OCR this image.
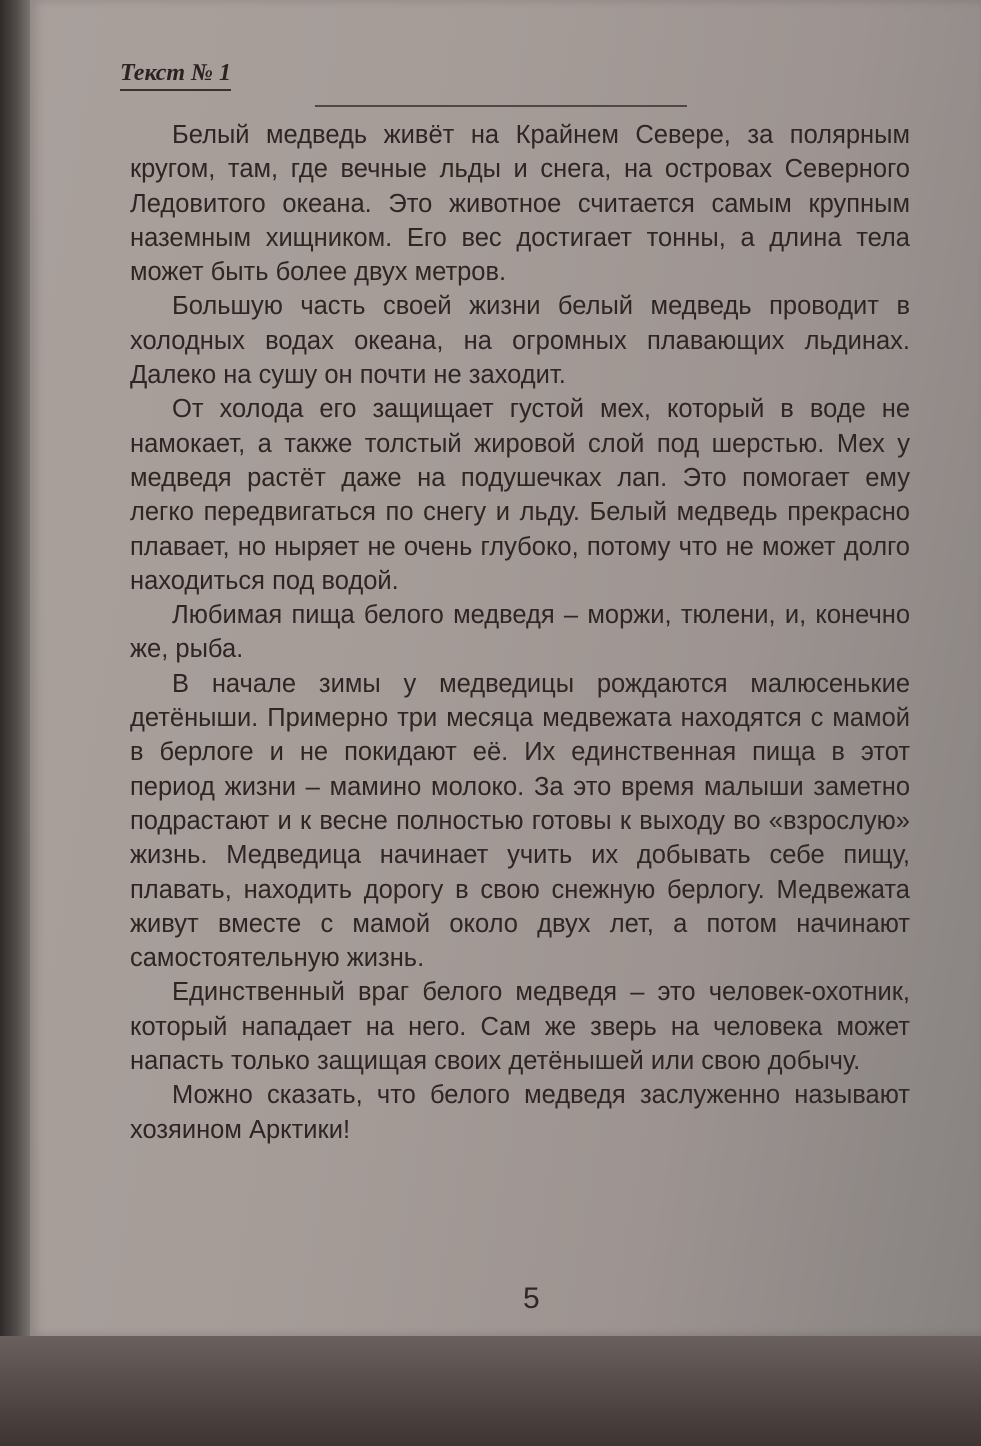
Текст № 1

Белый медведь живёт на Крайнем Севере, за полярным кругом, там, где вечные льды и снега, на островах Северного Ледовитого океана. Это животное считается самым крупным наземным хищником. Его вес достигает тонны, а длина тела может быть более двух метров.

Большую часть своей жизни белый медведь проводит в холодных водах океана, на огромных плавающих льдинах. Далеко на сушу он почти не заходит.

От холода его защищает густой мех, который в воде не намокает, а также толстый жировой слой под шерстью. Мех у медведя растёт даже на подушечках лап. Это помогает ему легко передвигаться по снегу и льду. Белый медведь прекрасно плавает, но ныряет не очень глубоко, потому что не может долго находиться под водой.

Любимая пища белого медведя – моржи, тюлени, и, конечно же, рыба.

В начале зимы у медведицы рождаются малюсенькие детёныши. Примерно три месяца медвежата находятся с мамой в берлоге и не покидают её. Их единственная пища в этот период жизни – мамино молоко. За это время малыши заметно подрастают и к весне полностью готовы к выходу во «взрослую» жизнь. Медведица начинает учить их добывать себе пищу, плавать, находить дорогу в свою снежную берлогу. Медвежата живут вместе с мамой около двух лет, а потом начинают самостоятельную жизнь.

Единственный враг белого медведя – это человек-охотник, который нападает на него. Сам же зверь на человека может напасть только защищая своих детёнышей или свою добычу.

Можно сказать, что белого медведя заслуженно называют хозяином Арктики!

5
